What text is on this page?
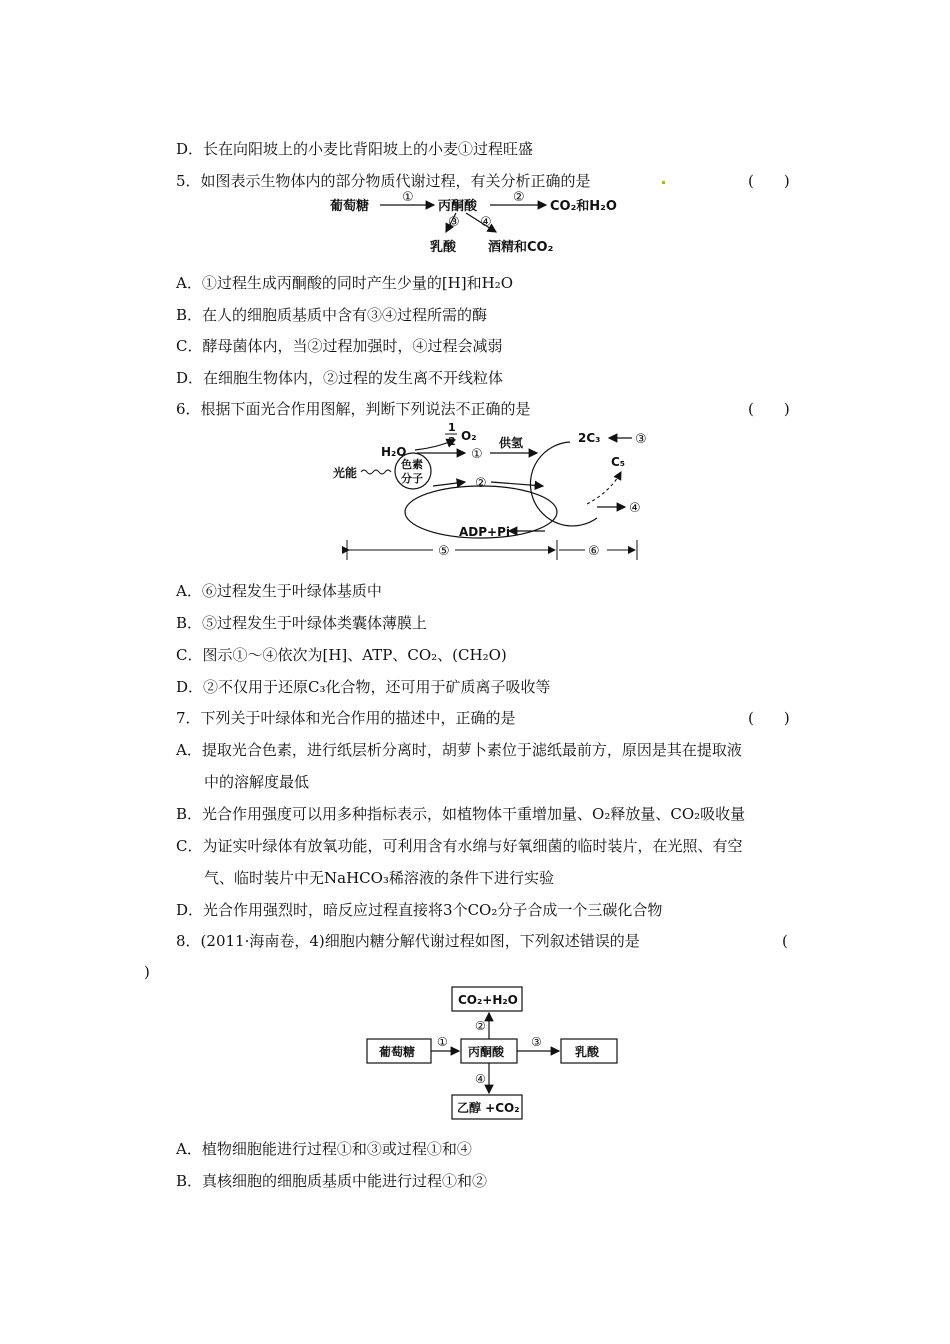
D．长在向阳坡上的小麦比背阳坡上的小麦①过程旺盛
5．如图表示生物体内的部分物质代谢过程，有关分析正确的是	(　　)
葡萄糖
①
丙酮酸
②
CO₂和H₂O
③ ④
乳酸 酒精和CO₂
A．①过程生成丙酮酸的同时产生少量的[H]和H₂O
B．在人的细胞质基质中含有③④过程所需的酶
C．酵母菌体内，当②过程加强时，④过程会减弱
D．在细胞生物体内，②过程的发生离不开线粒体
6．根据下面光合作用图解，判断下列说法不正确的是	(　　)
1
2 O₂
H₂O	①
供氢
光能
色素
分子	②
ADP+Pi
2C₃	③
C₅
④
⑤	⑥
A．⑥过程发生于叶绿体基质中
B．⑤过程发生于叶绿体类囊体薄膜上
C．图示①～④依次为[H]、ATP、CO₂、(CH₂O)
D．②不仅用于还原C₃化合物，还可用于矿质离子吸收等
7．下列关于叶绿体和光合作用的描述中，正确的是	(　　)
A．提取光合色素，进行纸层析分离时，胡萝卜素位于滤纸最前方，原因是其在提取液
中的溶解度最低
B．光合作用强度可以用多种指标表示，如植物体干重增加量、O₂释放量、CO₂吸收量
C．为证实叶绿体有放氧功能，可利用含有水绵与好氧细菌的临时装片，在光照、有空
气、临时装片中无NaHCO₃稀溶液的条件下进行实验
D．光合作用强烈时，暗反应过程直接将3个CO₂分子合成一个三碳化合物
8．(2011·海南卷，4)细胞内糖分解代谢过程如图，下列叙述错误的是	(
)
CO₂+H₂O
葡萄糖	丙酮酸	乳酸
乙醇 +CO₂
①	③
②
④
A．植物细胞能进行过程①和③或过程①和④
B．真核细胞的细胞质基质中能进行过程①和②
